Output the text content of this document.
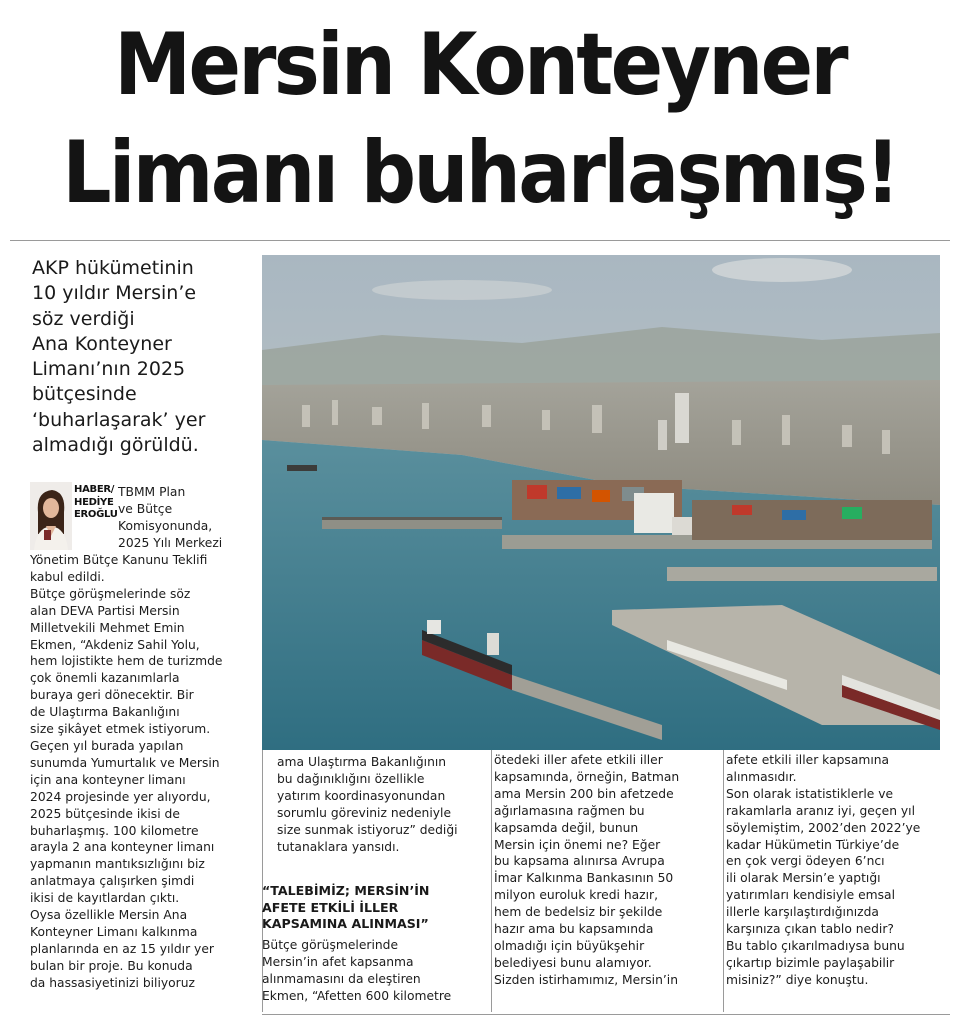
Mersin Konteyner
Limanı buharlaşmış!
AKP hükümetinin
10 yıldır Mersin’e
söz verdiği
Ana Konteyner
Limanı’nın 2025
bütçesinde
‘buharlaşarak’ yer
almadığı görüldü.
HABER/
HEDİYE
EROĞLU
TBMM Plan
ve Bütçe
Komisyonunda,
2025 Yılı Merkezi
Yönetim Bütçe Kanunu Teklifi
kabul edildi.
Bütçe görüşmelerinde söz
alan DEVA Partisi Mersin
Milletvekili Mehmet Emin
Ekmen, “Akdeniz Sahil Yolu,
hem lojistikte hem de turizmde
çok önemli kazanımlarla
buraya geri dönecektir. Bir
de Ulaştırma Bakanlığını
size şikâyet etmek istiyorum.
Geçen yıl burada yapılan
sunumda Yumurtalık ve Mersin
için ana konteyner limanı
2024 projesinde yer alıyordu,
2025 bütçesinde ikisi de
buharlaşmış. 100 kilometre
arayla 2 ana konteyner limanı
yapmanın mantıksızlığını biz
anlatmaya çalışırken şimdi
ikisi de kayıtlardan çıktı.
Oysa özellikle Mersin Ana
Konteyner Limanı kalkınma
planlarında en az 15 yıldır yer
bulan bir proje. Bu konuda
da hassasiyetinizi biliyoruz
ama Ulaştırma Bakanlığının
bu dağınıklığını özellikle
yatırım koordinasyonundan
sorumlu göreviniz nedeniyle
size sunmak istiyoruz” dediği
tutanaklara yansıdı.
“TALEBİMİZ; MERSİN’İN
AFETE ETKİLİ İLLER
KAPSAMINA ALINMASI”
Bütçe görüşmelerinde
Mersin’in afet kapsanma
alınmamasını da eleştiren
Ekmen, “Afetten 600 kilometre
ötedeki iller afete etkili iller
kapsamında, örneğin, Batman
ama Mersin 200 bin afetzede
ağırlamasına rağmen bu
kapsamda değil, bunun
Mersin için önemi ne? Eğer
bu kapsama alınırsa Avrupa
İmar Kalkınma Bankasının 50
milyon euroluk kredi hazır,
hem de bedelsiz bir şekilde
hazır ama bu kapsamında
olmadığı için büyükşehir
belediyesi bunu alamıyor.
Sizden istirhamımız, Mersin’in
afete etkili iller kapsamına
alınmasıdır.
Son olarak istatistiklerle ve
rakamlarla aranız iyi, geçen yıl
söylemiştim, 2002’den 2022’ye
kadar Hükümetin Türkiye’de
en çok vergi ödeyen 6’ncı
ili olarak Mersin’e yaptığı
yatırımları kendisiyle emsal
illerle karşılaştırdığınızda
karşınıza çıkan tablo nedir?
Bu tablo çıkarılmadıysa bunu
çıkartıp bizimle paylaşabilir
misiniz?” diye konuştu.
